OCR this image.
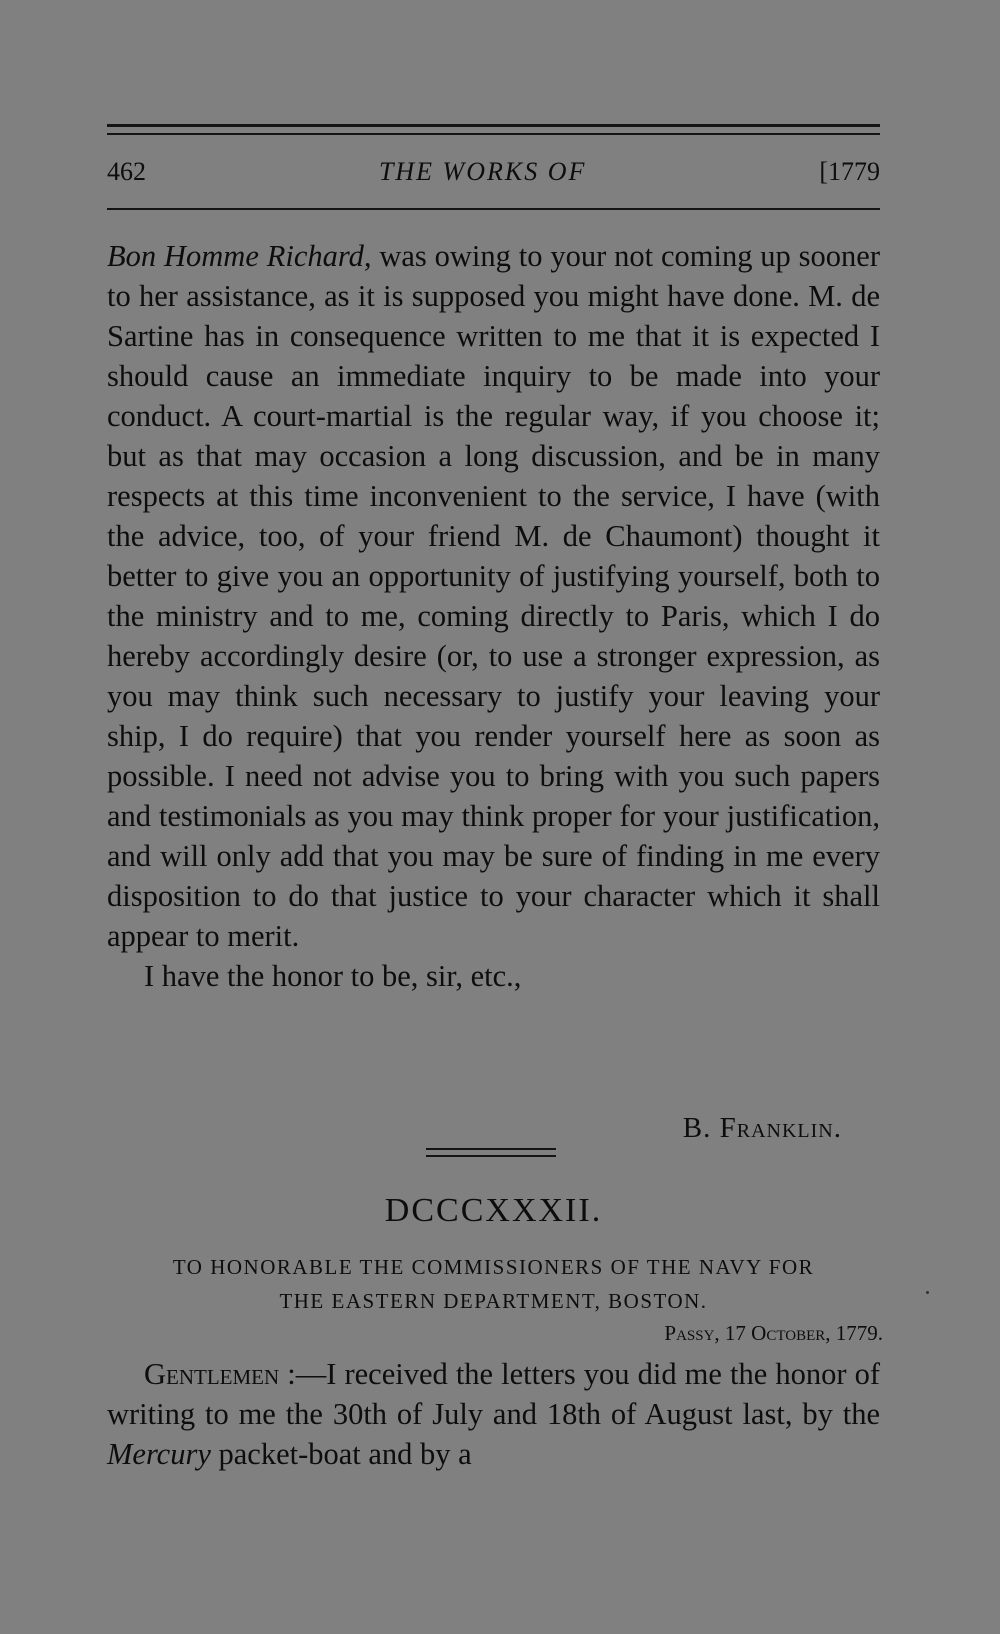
462	THE WORKS OF	[1779

Bon Homme Richard, was owing to your not coming up sooner to her assistance, as it is supposed you might have done. M. de Sartine has in consequence written to me that it is expected I should cause an immediate inquiry to be made into your conduct. A court-martial is the regular way, if you choose it; but as that may occasion a long discussion, and be in many respects at this time inconvenient to the service, I have (with the advice, too, of your friend M. de Chaumont) thought it better to give you an opportunity of justifying yourself, both to the ministry and to me, coming directly to Paris, which I do hereby accordingly desire (or, to use a stronger expression, as you may think such necessary to justify your leaving your ship, I do require) that you render yourself here as soon as possible. I need not advise you to bring with you such papers and testimonials as you may think proper for your justification, and will only add that you may be sure of finding in me every disposition to do that justice to your character which it shall appear to merit.

I have the honor to be, sir, etc.,

B. Franklin.
DCCCXXXII.
TO HONORABLE THE COMMISSIONERS OF THE NAVY FOR
THE EASTERN DEPARTMENT, BOSTON.
Passy, 17 October, 1779.

Gentlemen :—I received the letters you did me the honor of writing to me the 30th of July and 18th of August last, by the Mercury packet-boat and by a
